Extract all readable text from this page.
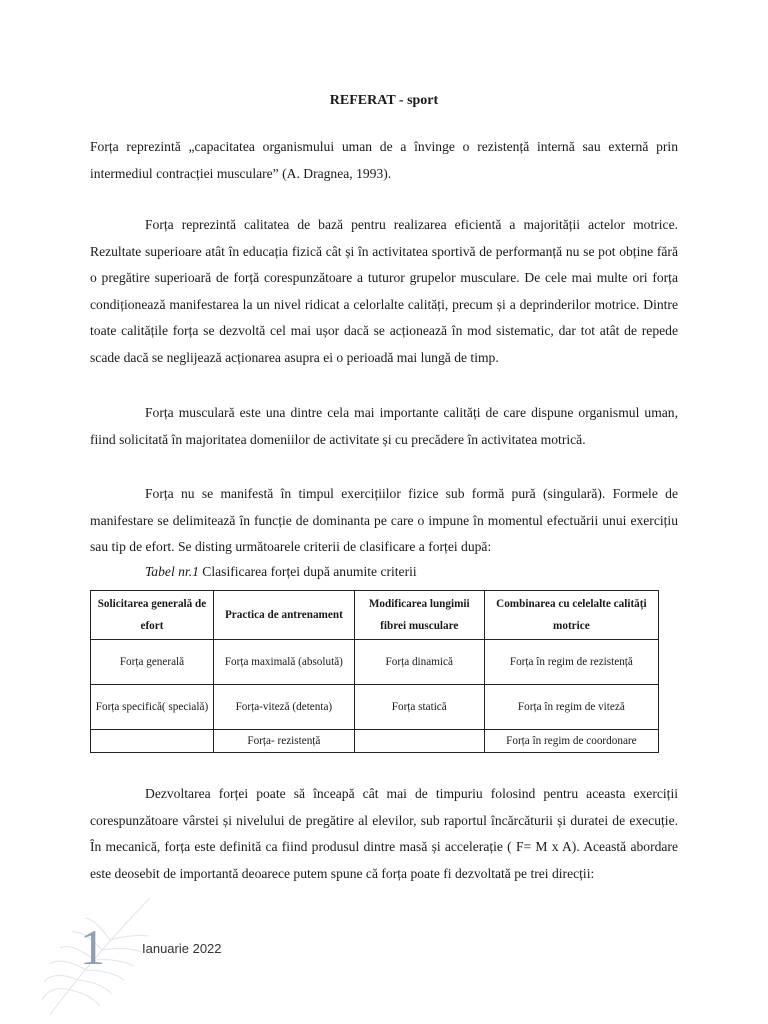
REFERAT - sport

Forța reprezintă „capacitatea organismului uman de a învinge o rezistență internă sau externă prin intermediul contracției musculare” (A. Dragnea, 1993).

Forța reprezintă calitatea de bază pentru realizarea eficientă a majorității actelor motrice. Rezultate superioare atât în educația fizică cât și în activitatea sportivă de performanță nu se pot obține fără o pregătire superioară de forță corespunzătoare a tuturor grupelor musculare. De cele mai multe ori forța condiționează manifestarea la un nivel ridicat a celorlalte calități, precum și a deprinderilor motrice. Dintre toate calitățile forța se dezvoltă cel mai ușor dacă se acționează în mod sistematic, dar tot atât de repede scade dacă se neglijează acționarea asupra ei o perioadă mai lungă de timp.

Forța musculară este una dintre cela mai importante calități de care dispune organismul uman, fiind solicitată în majoritatea domeniilor de activitate și cu precădere în activitatea motrică.

Forța nu se manifestă în timpul exercițiilor fizice sub formă pură (singulară). Formele de manifestare se delimitează în funcție de dominanta pe care o impune în momentul efectuării unui exercițiu sau tip de efort. Se disting următoarele criterii de clasificare a forței după:

Tabel nr.1 Clasificarea forței după anumite criterii
Solicitarea generală de efort	Practica de antrenament	Modificarea lungimii fibrei musculare	Combinarea cu celelalte calități motrice
Forța generală	Forța maximală (absolută)	Forța dinamică	Forța în regim de rezistență
Forța specifică( specială)	Forța-viteză (detenta)	Forța statică	Forța în regim de viteză
	Forța- rezistență		Forța în regim de coordonare

Dezvoltarea forței poate să înceapă cât mai de timpuriu folosind pentru aceasta exerciții corespunzătoare vârstei și nivelului de pregătire al elevilor, sub raportul încărcăturii și duratei de execuție. În mecanică, forța este definită ca fiind produsul dintre masă și accelerație ( F= M x A). Această abordare este deosebit de importantă deoarece putem spune că forța poate fi dezvoltată pe trei direcții:

1	Ianuarie 2022
